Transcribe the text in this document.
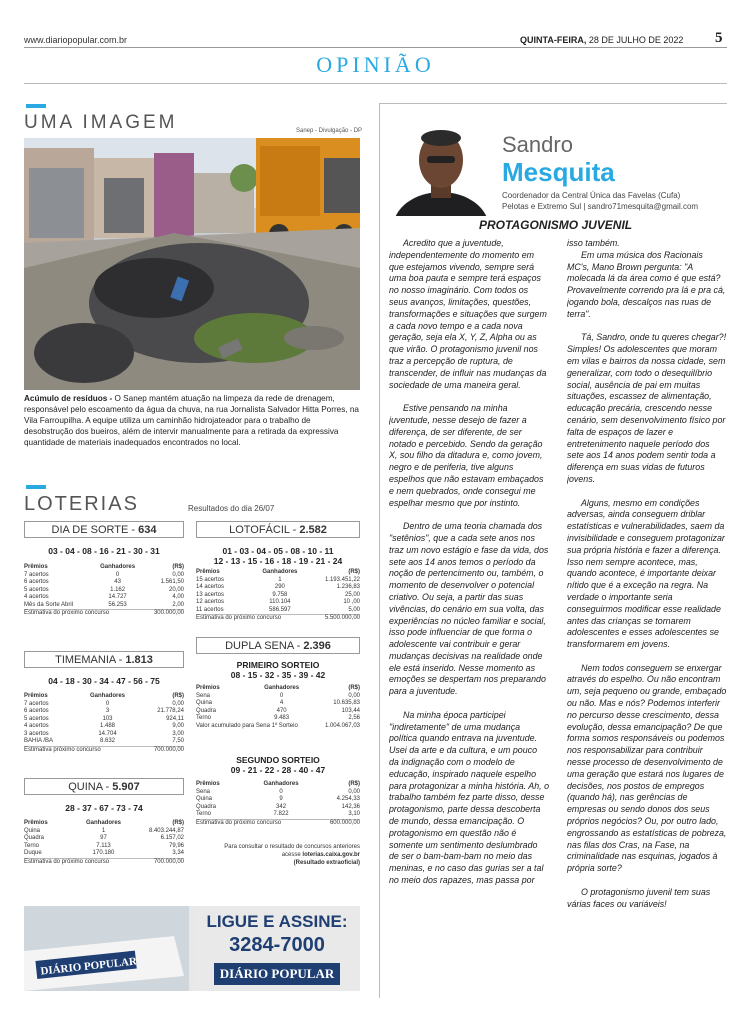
www.diariopopular.com.br	QUINTA-FEIRA, 28 DE JULHO DE 2022 5
OPINIÃO
UMA IMAGEM	Sanep - Divulgação - DP
Acúmulo de resíduos - O Sanep mantém atuação na limpeza da rede de drenagem, responsável pelo escoamento da água da chuva, na rua Jornalista Salvador Hitta Porres, na Vila Farroupilha. A equipe utiliza um caminhão hidrojateador para o trabalho de desobstrução dos bueiros, além de intervir manualmente para a retirada da expressiva quantidade de materiais inadequados encontrados no local.
LOTERIAS	Resultados do dia 26/07
DIA DE SORTE - 634
03 - 04 - 08 - 16 - 21 - 30 - 31
Prêmios	Ganhadores	(R$)
7 acertos	0	0,00
6 acertos	43	1.561,50
5 acertos	1.162	20,00
4 acertos	14.727	4,00
Mês da Sorte Abril	56.253	2,00
Estimativa do próximo concurso		300.000,00
TIMEMANIA - 1.813
04 - 18 - 30 - 34 - 47 - 56 - 75
Prêmios	Ganhadores	(R$)
7 acertos	0	0,00
6 acertos	3	21.778,24
5 acertos	103	924,11
4 acertos	1.488	9,00
3 acertos	14.704	3,00
BAHIA /BA	8.632	7,50
Estimativa próximo concurso		700.000,00
QUINA - 5.907
28 - 37 - 67 - 73 - 74
Prêmios	Ganhadores	(R$)
Quina	1	8.403.244,87
Quadra	97	6.157,02
Terno	7.113	79,96
Duque	170.180	3,34
Estimativa do próximo concurso		700.000,00
LOTOFÁCIL - 2.582
01 - 03 - 04 - 05 - 08 - 10 - 11
12 - 13 - 15 - 16 - 18 - 19 - 21 - 24
Prêmios	Ganhadores	(R$)
15 acertos	1	1.193.451,22
14 acertos	290	1.236,83
13 acertos	9.758	25,00
12 acertos	110.104	10 ,00
11 acertos	586.597	5,00
Estimativa do próximo concurso		5.500.000,00
DUPLA SENA - 2.396
PRIMEIRO SORTEIO
08 - 15 - 32 - 35 - 39 - 42
Prêmios	Ganhadores	(R$)
Sena	0	0,00
Quina	4	10.635,83
Quadra	470	103,44
Terno	9.483	2,56
Valor acumulado para Sena 1º Sorteio		1.004.067,03
SEGUNDO SORTEIO
09 - 21 - 22 - 28 - 40 - 47
Prêmios	Ganhadores	(R$)
Sena	0	0,00
Quina	9	4.254,33
Quadra	342	142,36
Terno	7.822	3,10
Estimativa do próximo concurso		600.000,00
Para consultar o resultado de concursos anteriores
acesse loterias.caixa.gov.br
(Resultado extraoficial)
DIÁRIO POPULAR
LIGUE E ASSINE:
3284-7000
DIÁRIO POPULAR
Sandro
Mesquita
Coordenador da Central Única das Favelas (Cufa)
Pelotas e Extremo Sul | sandro71mesquita@gmail.com
PROTAGONISMO JUVENIL

Acredito que a juventude, independentemente do momento em que estejamos vivendo, sempre será uma boa pauta e sempre terá espaços no nosso imaginário. Com todos os seus avanços, limitações, questões, transformações e situações que surgem a cada novo tempo e a cada nova geração, seja ela X, Y, Z, Alpha ou as que virão. O protagonismo juvenil nos traz a percepção de ruptura, de transcender, de influir nas mudanças da sociedade de uma maneira geral.

Estive pensando na minha juventude, nesse desejo de fazer a diferença, de ser diferente, de ser notado e percebido. Sendo da geração X, sou filho da ditadura e, como jovem, negro e de periferia, tive alguns espelhos que não estavam embaçados e nem quebrados, onde consegui me espelhar mesmo que por instinto.

Dentro de uma teoria chamada dos "setênios", que a cada sete anos nos traz um novo estágio e fase da vida, dos sete aos 14 anos temos o período da noção de pertencimento ou, também, o momento de desenvolver o potencial criativo. Ou seja, a partir das suas vivências, do cenário em sua volta, das experiências no núcleo familiar e social, isso pode influenciar de que forma o adolescente vai contribuir e gerar mudanças decisivas na realidade onde ele está inserido. Nesse momento as emoções se despertam nos preparando para a juventude.

Na minha época participei "indiretamente" de uma mudança política quando entrava na juventude. Usei da arte e da cultura, e um pouco da indignação com o modelo de educação, inspirado naquele espelho para protagonizar a minha história. Ah, o trabalho também fez parte disso, desse protagonismo, parte dessa descoberta de mundo, dessa emancipação. O protagonismo em questão não é somente um sentimento deslumbrado de ser o bam-bam-bam no meio das meninas, e no caso das gurias ser a tal no meio dos rapazes, mas passa por

isso também.

Em uma música dos Racionais MC's, Mano Brown pergunta: "A molecada lá da área como é que está? Provavelmente correndo pra lá e pra cá, jogando bola, descalços nas ruas de terra".

Tá, Sandro, onde tu queres chegar?! Simples! Os adolescentes que moram em vilas e bairros da nossa cidade, sem generalizar, com todo o desequilíbrio social, ausência de pai em muitas situações, escassez de alimentação, educação precária, crescendo nesse cenário, sem desenvolvimento físico por falta de espaços de lazer e entretenimento naquele período dos sete aos 14 anos podem sentir toda a diferença em suas vidas de futuros jovens.

Alguns, mesmo em condições adversas, ainda conseguem driblar estatísticas e vulnerabilidades, saem da invisibilidade e conseguem protagonizar sua própria história e fazer a diferença. Isso nem sempre acontece, mas, quando acontece, é importante deixar nítido que é a exceção na regra. Na verdade o importante seria conseguirmos modificar esse realidade antes das crianças se tornarem adolescentes e esses adolescentes se transformarem em jovens.

Nem todos conseguem se enxergar através do espelho. Ou não encontram um, seja pequeno ou grande, embaçado ou não. Mas e nós? Podemos interferir no percurso desse crescimento, dessa evolução, dessa emancipação? De que forma somos responsáveis ou podemos nos responsabilizar para contribuir nesse processo de desenvolvimento de uma geração que estará nos lugares de decisões, nos postos de empregos (quando há), nas gerências de empresas ou sendo donos dos seus próprios negócios? Ou, por outro lado, engrossando as estatísticas de pobreza, nas filas dos Cras, na Fase, na criminalidade nas esquinas, jogados à própria sorte?

O protagonismo juvenil tem suas várias faces ou variáveis!
